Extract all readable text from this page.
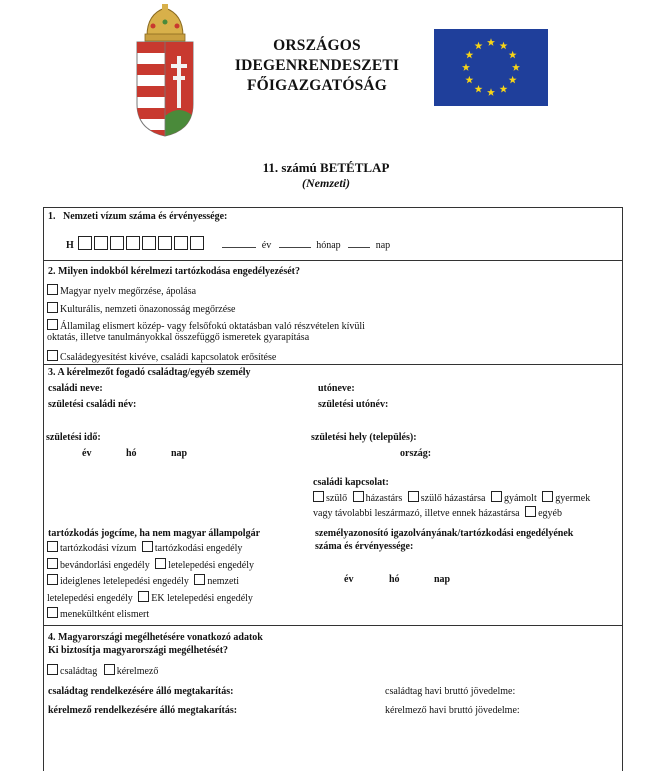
ORSZÁGOS
IDEGENRENDESZETI
FŐIGAZGATÓSÁG
11. számú BETÉTLAP
(Nemzeti)
1. Nemzeti vízum száma és érvényessége:
H	év	hónap	nap
2. Milyen indokból kérelmezi tartózkodása engedélyezését?
Magyar nyelv megőrzése, ápolása
Kulturális, nemzeti önazonosság megőrzése
Államilag elismert közép- vagy felsőfokú oktatásban való részvételen kívüli
oktatás, illetve tanulmányokkal összefüggő ismeretek gyarapítása
Családegyesítést kivéve, családi kapcsolatok erősítése
3. A kérelmezőt fogadó családtag/egyéb személy
családi neve:	utóneve:
születési családi név:	születési utónév:
születési idő:	születési hely (település):
év	hó	nap	ország:
családi kapcsolat:
szülő házastárs szülő házastársa gyámolt gyermek
vagy távolabbi leszármazó, illetve ennek házastársa egyéb
tartózkodás jogcíme, ha nem magyar állampolgár
tartózkodási vízum tartózkodási engedély
bevándorlási engedély letelepedési engedély
ideiglenes letelepedési engedély nemzeti
letelepedési engedély EK letelepedési engedély
menekültként elismert
személyazonosító igazolványának/tartózkodási engedélyének
száma és érvényessége:
év	hó	nap
4. Magyarországi megélhetésére vonatkozó adatok
Ki biztosítja magyarországi megélhetését?
családtag kérelmező
családtag rendelkezésére álló megtakarítás:	családtag havi bruttó jövedelme:
kérelmező rendelkezésére álló megtakarítás:	kérelmező havi bruttó jövedelme:
